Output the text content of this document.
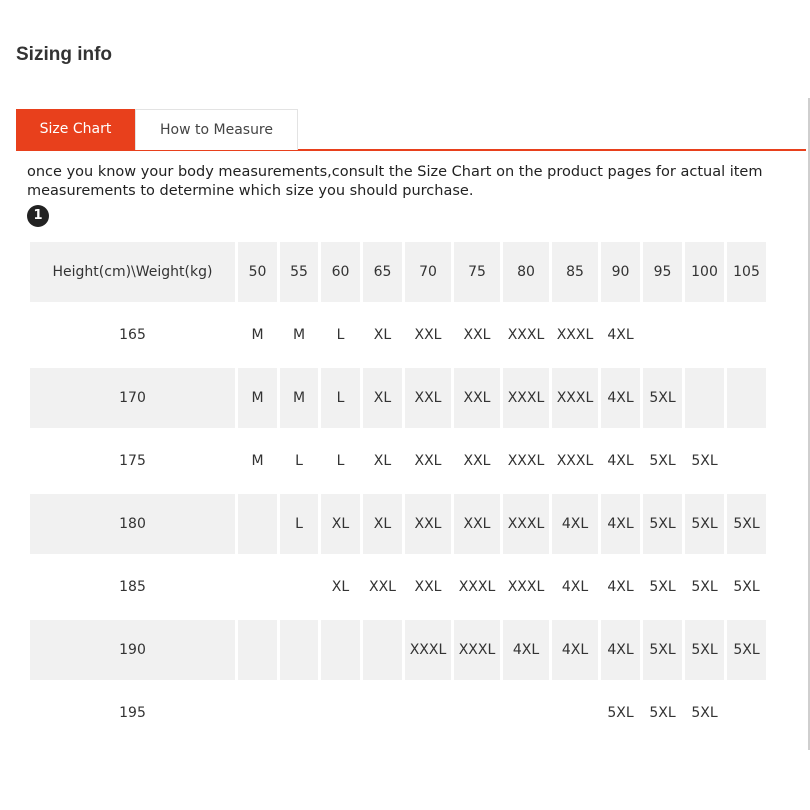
Sizing info
Size Chart	How to Measure
once you know your body measurements,consult the Size Chart on the product pages for actual item measurements to determine which size you should purchase.
1
Height(cm)\Weight(kg)	50	55	60	65	70	75	80	85	90	95	100	105
165	M	M	L	XL	XXL	XXL	XXXL	XXXL	4XL			
170	M	M	L	XL	XXL	XXL	XXXL	XXXL	4XL	5XL		
175	M	L	L	XL	XXL	XXL	XXXL	XXXL	4XL	5XL	5XL	
180		L	XL	XL	XXL	XXL	XXXL	4XL	4XL	5XL	5XL	5XL
185			XL	XXL	XXL	XXXL	XXXL	4XL	4XL	5XL	5XL	5XL
190					XXXL	XXXL	4XL	4XL	4XL	5XL	5XL	5XL
195									5XL	5XL	5XL	
